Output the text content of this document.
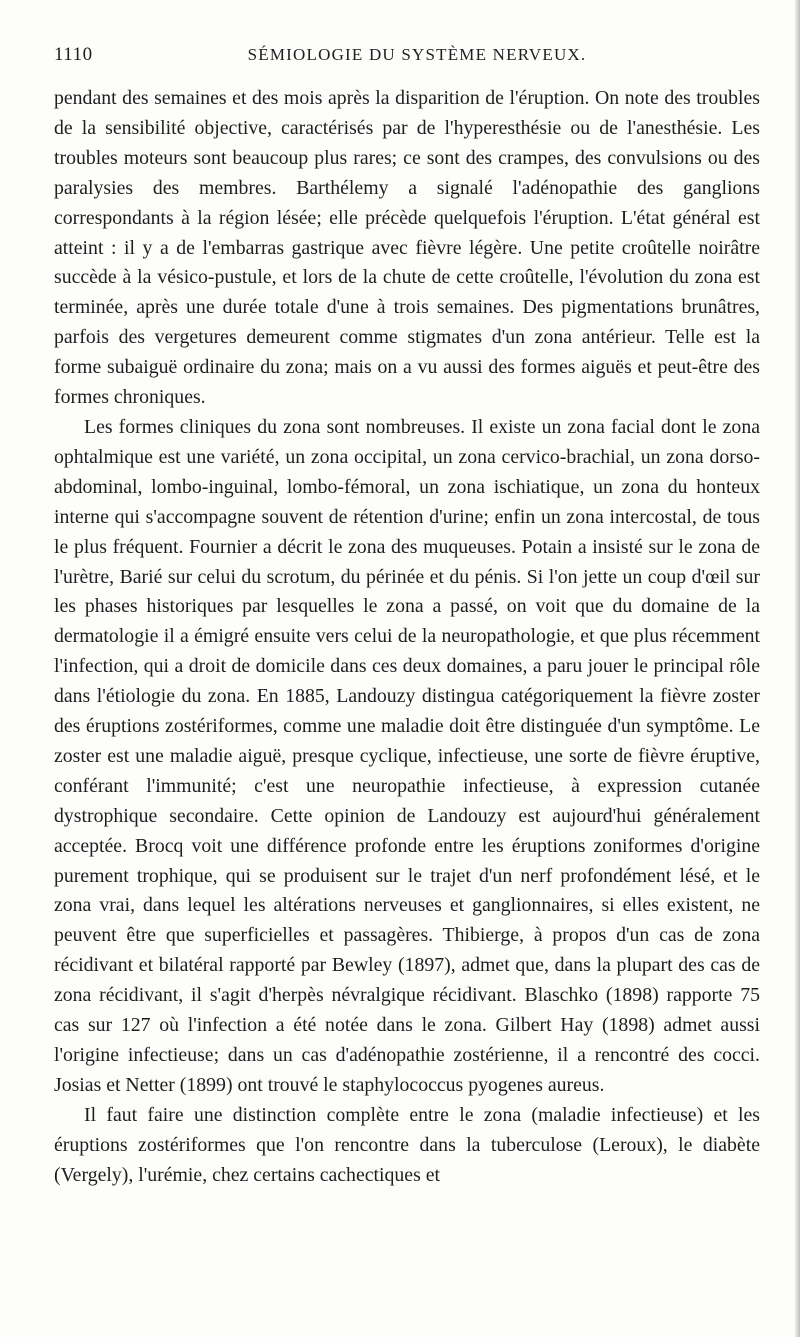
1110	SÉMIOLOGIE DU SYSTÈME NERVEUX.

pendant des semaines et des mois après la disparition de l'éruption. On note des troubles de la sensibilité objective, caractérisés par de l'hyperesthésie ou de l'anesthésie. Les troubles moteurs sont beaucoup plus rares; ce sont des crampes, des convulsions ou des paralysies des membres. Barthélemy a signalé l'adénopathie des ganglions correspondants à la région lésée; elle précède quelquefois l'éruption. L'état général est atteint : il y a de l'embarras gastrique avec fièvre légère. Une petite croûtelle noirâtre succède à la vésico-pustule, et lors de la chute de cette croûtelle, l'évolution du zona est terminée, après une durée totale d'une à trois semaines. Des pigmentations brunâtres, parfois des vergetures demeurent comme stigmates d'un zona antérieur. Telle est la forme subaiguë ordinaire du zona; mais on a vu aussi des formes aiguës et peut-être des formes chroniques.

Les formes cliniques du zona sont nombreuses. Il existe un zona facial dont le zona ophtalmique est une variété, un zona occipital, un zona cervico-brachial, un zona dorso-abdominal, lombo-inguinal, lombo-fémoral, un zona ischiatique, un zona du honteux interne qui s'accompagne souvent de rétention d'urine; enfin un zona intercostal, de tous le plus fréquent. Fournier a décrit le zona des muqueuses. Potain a insisté sur le zona de l'urètre, Barié sur celui du scrotum, du périnée et du pénis. Si l'on jette un coup d'œil sur les phases historiques par lesquelles le zona a passé, on voit que du domaine de la dermatologie il a émigré ensuite vers celui de la neuropathologie, et que plus récemment l'infection, qui a droit de domicile dans ces deux domaines, a paru jouer le principal rôle dans l'étiologie du zona. En 1885, Landouzy distingua catégoriquement la fièvre zoster des éruptions zostériformes, comme une maladie doit être distinguée d'un symptôme. Le zoster est une maladie aiguë, presque cyclique, infectieuse, une sorte de fièvre éruptive, conférant l'immunité; c'est une neuropathie infectieuse, à expression cutanée dystrophique secondaire. Cette opinion de Landouzy est aujourd'hui généralement acceptée. Brocq voit une différence profonde entre les éruptions zoniformes d'origine purement trophique, qui se produisent sur le trajet d'un nerf profondément lésé, et le zona vrai, dans lequel les altérations nerveuses et ganglionnaires, si elles existent, ne peuvent être que superficielles et passagères. Thibierge, à propos d'un cas de zona récidivant et bilatéral rapporté par Bewley (1897), admet que, dans la plupart des cas de zona récidivant, il s'agit d'herpès névralgique récidivant. Blaschko (1898) rapporte 75 cas sur 127 où l'infection a été notée dans le zona. Gilbert Hay (1898) admet aussi l'origine infectieuse; dans un cas d'adénopathie zostérienne, il a rencontré des cocci. Josias et Netter (1899) ont trouvé le staphylococcus pyogenes aureus.

Il faut faire une distinction complète entre le zona (maladie infectieuse) et les éruptions zostériformes que l'on rencontre dans la tuberculose (Leroux), le diabète (Vergely), l'urémie, chez certains cachectiques et
